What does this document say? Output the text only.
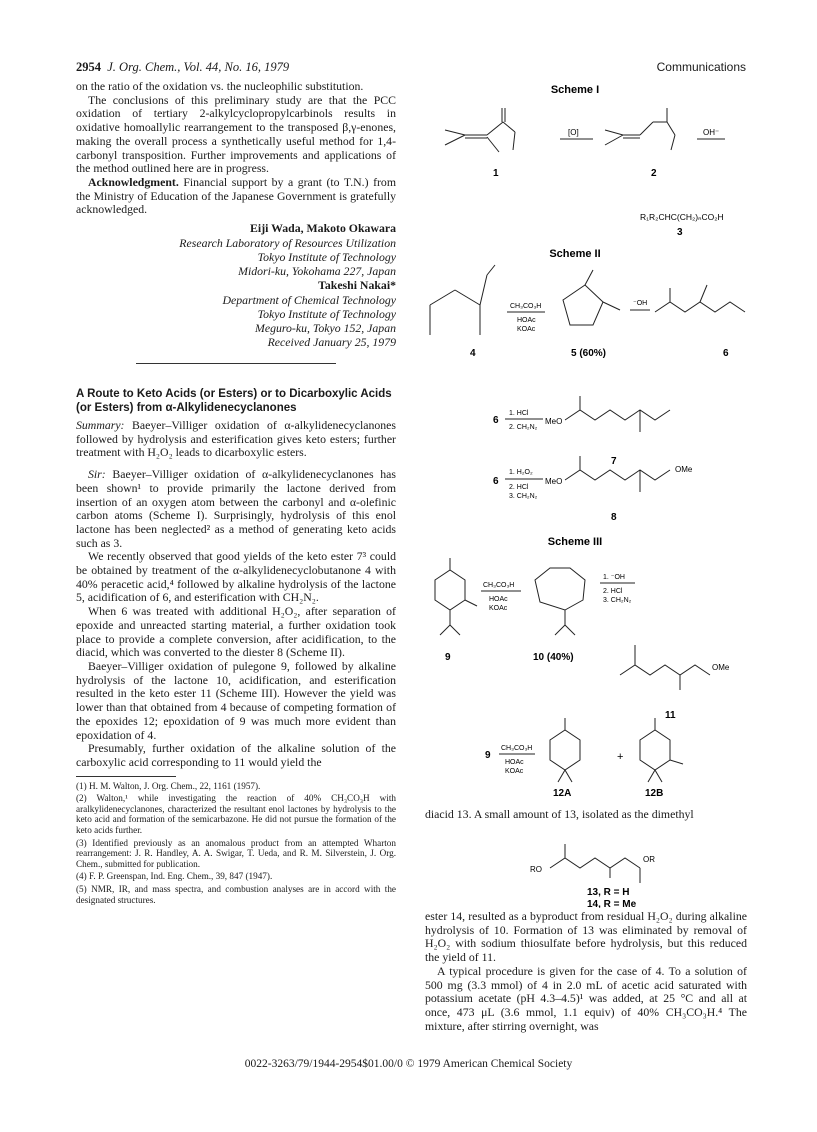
2954 J. Org. Chem., Vol. 44, No. 16, 1979	Communications

on the ratio of the oxidation vs. the nucleophilic substitution.

The conclusions of this preliminary study are that the PCC oxidation of tertiary 2-alkylcyclopropylcarbinols results in oxidative homoallylic rearrangement to the transposed β,γ-enones, making the overall process a synthetically useful method for 1,4-carbonyl transposition. Further improvements and applications of the method outlined here are in progress.

Acknowledgment. Financial support by a grant (to T.N.) from the Ministry of Education of the Japanese Government is gratefully acknowledged.

Eiji Wada, Makoto Okawara

Research Laboratory of Resources Utilization

Tokyo Institute of Technology

Midori-ku, Yokohama 227, Japan

Takeshi Nakai*

Department of Chemical Technology

Tokyo Institute of Technology

Meguro-ku, Tokyo 152, Japan

Received January 25, 1979

A Route to Keto Acids (or Esters) or to Dicarboxylic Acids (or Esters) from α-Alkylidenecyclanones

Summary: Baeyer–Villiger oxidation of α-alkylidenecyclanones followed by hydrolysis and esterification gives keto esters; further treatment with H₂O₂ leads to dicarboxylic esters.

Sir: Baeyer–Villiger oxidation of α-alkylidenecyclanones has been shown¹ to provide primarily the lactone derived from insertion of an oxygen atom between the carbonyl and α-olefinic carbon atoms (Scheme I). Surprisingly, hydrolysis of this enol lactone has been neglected² as a method of generating keto acids such as 3.

We recently observed that good yields of the keto ester 7³ could be obtained by treatment of the α-alkylidenecyclobutanone 4 with 40% peracetic acid,⁴ followed by alkaline hydrolysis of the lactone 5, acidification of 6, and esterification with CH₂N₂.

When 6 was treated with additional H₂O₂, after separation of epoxide and unreacted starting material, a further oxidation took place to provide a complete conversion, after acidification, to the diacid, which was converted to the diester 8 (Scheme II).

Baeyer–Villiger oxidation of pulegone 9, followed by alkaline hydrolysis of the lactone 10, acidification, and esterification resulted in the keto ester 11 (Scheme III). However the yield was lower than that obtained from 4 because of competing formation of the epoxides 12; epoxidation of 9 was much more evident than epoxidation of 4.

Presumably, further oxidation of the alkaline solution of the carboxylic acid corresponding to 11 would yield the

(1) H. M. Walton, J. Org. Chem., 22, 1161 (1957).

(2) Walton,¹ while investigating the reaction of 40% CH₃CO₃H with aralkylidenecyclanones, characterized the resultant enol lactones by hydrolysis to the keto acid and formation of the semicarbazone. He did not pursue the formation of the keto acids further.

(3) Identified previously as an anomalous product from an attempted Wharton rearrangement: J. R. Handley, A. A. Swigar, T. Ueda, and R. M. Silverstein, J. Org. Chem., submitted for publication.

(4) F. P. Greenspan, Ind. Eng. Chem., 39, 847 (1947).

(5) NMR, IR, and mass spectra, and combustion analyses are in accord with the designated structures.

Scheme I
1
[O]
2
OH⁻
R₁R₂CHC(CH₂)ₙCO₂H
3
Scheme II
4
CH₃CO₃H
HOAc
KOAc
5 (60%)
⁻OH
6
6
1. HCl
2. CH₂N₂
MeO
7
6
1. H₂O₂
2. HCl
3. CH₂N₂
MeO
OMe
8
Scheme III
9
CH₃CO₃H
HOAc
KOAc
10 (40%)
1. ⁻OH
2. HCl
3. CH₂N₂
OMe
11
9
CH₃CO₃H
HOAc
KOAc
12A
+
12B

diacid 13. A small amount of 13, isolated as the dimethyl

RO
OR
13, R = H
14, R = Me

ester 14, resulted as a byproduct from residual H₂O₂ during alkaline hydrolysis of 10. Formation of 13 was eliminated by removal of H₂O₂ with sodium thiosulfate before hydrolysis, but this reduced the yield of 11.

A typical procedure is given for the case of 4. To a solution of 500 mg (3.3 mmol) of 4 in 2.0 mL of acetic acid saturated with potassium acetate (pH 4.3–4.5)¹ was added, at 25 °C and all at once, 473 μL (3.6 mmol, 1.1 equiv) of 40% CH₃CO₃H.⁴ The mixture, after stirring overnight, was

0022-3263/79/1944-2954$01.00/0 © 1979 American Chemical Society
